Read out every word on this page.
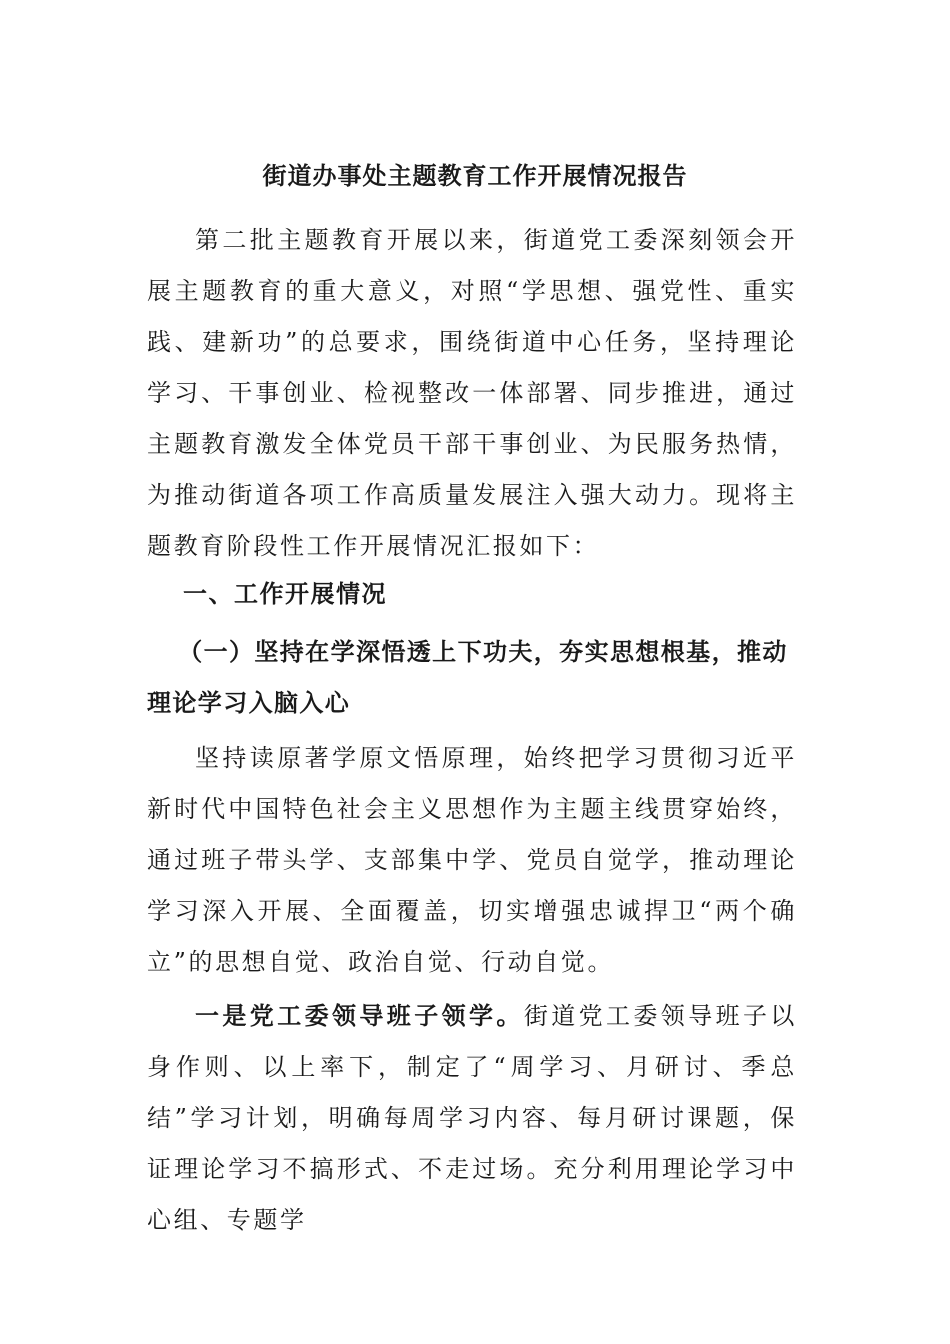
街道办事处主题教育工作开展情况报告

第二批主题教育开展以来，街道党工委深刻领会开展主题教育的重大意义，对照“学思想、强党性、重实践、建新功”的总要求，围绕街道中心任务，坚持理论学习、干事创业、检视整改一体部署、同步推进，通过主题教育激发全体党员干部干事创业、为民服务热情，为推动街道各项工作高质量发展注入强大动力。现将主题教育阶段性工作开展情况汇报如下：

一、工作开展情况
（一）坚持在学深悟透上下功夫，夯实思想根基，推动理论学习入脑入心

坚持读原著学原文悟原理，始终把学习贯彻习近平新时代中国特色社会主义思想作为主题主线贯穿始终，通过班子带头学、支部集中学、党员自觉学，推动理论学习深入开展、全面覆盖，切实增强忠诚捍卫“两个确立”的思想自觉、政治自觉、行动自觉。

一是党工委领导班子领学。街道党工委领导班子以身作则、以上率下，制定了“周学习、月研讨、季总结”学习计划，明确每周学习内容、每月研讨课题，保证理论学习不搞形式、不走过场。充分利用理论学习中心组、专题学
